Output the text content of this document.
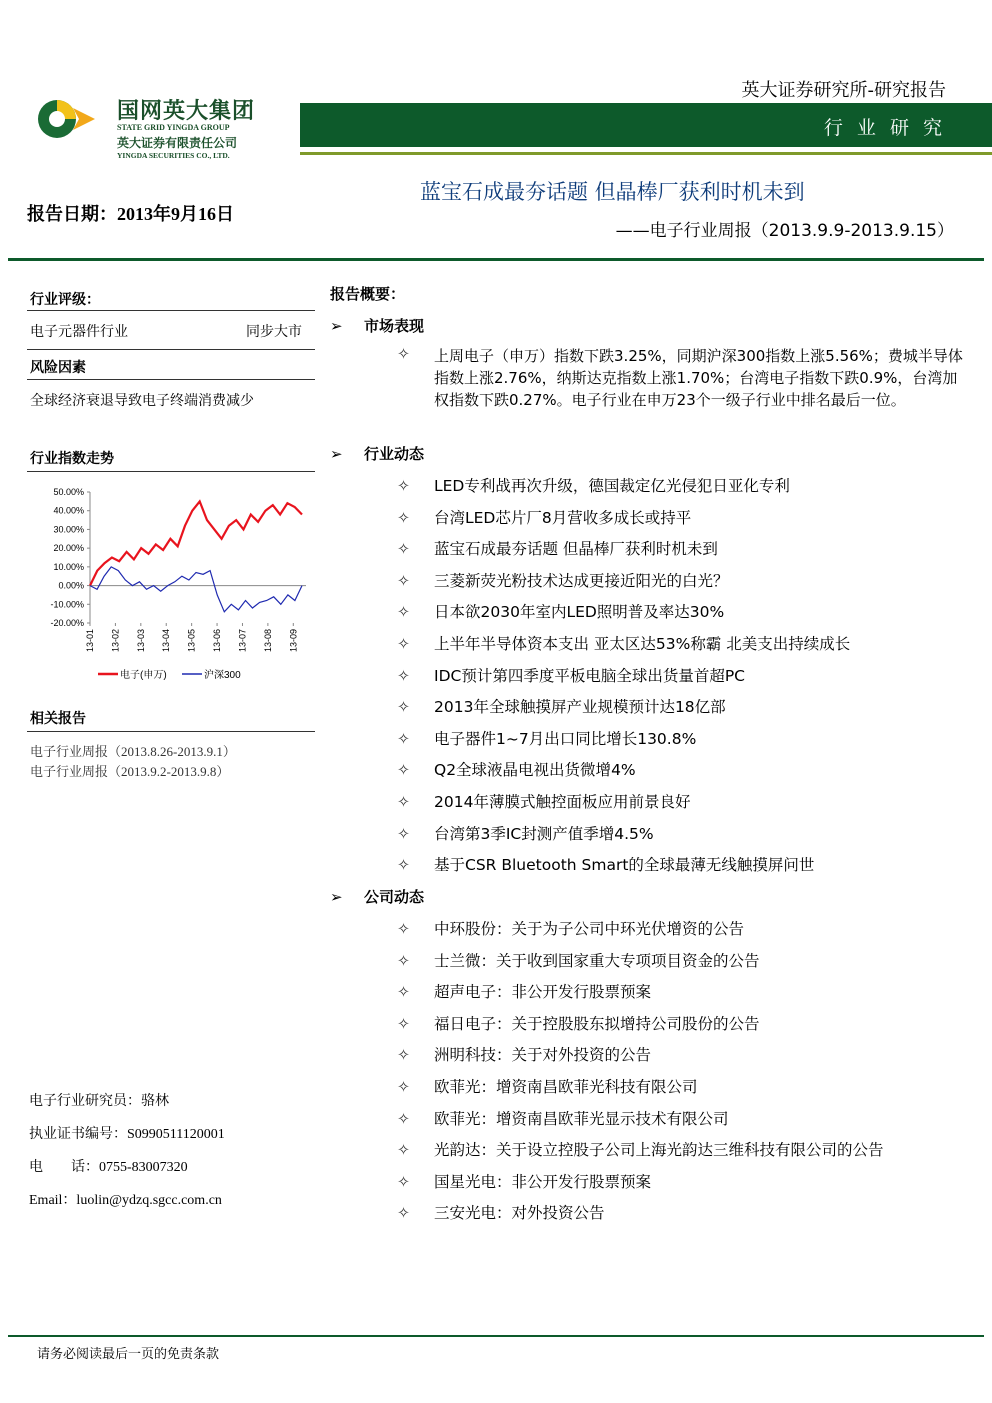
国网英大集团
STATE GRID YINGDA GROUP
英大证券有限责任公司
YINGDA SECURITIES CO., LTD.
英大证券研究所-研究报告
行 业 研 究
报告日期：2013年9月16日
蓝宝石成最夯话题 但晶棒厂获利时机未到
——电子行业周报（2013.9.9-2013.9.15）
行业评级：
电子元器件行业	同步大市
风险因素
全球经济衰退导致电子终端消费减少
行业指数走势
50.00%
40.00%
30.00%
20.00%
10.00%
0.00%
-10.00%
-20.00%
13-01 13-02 13-03 13-04 13-05 13-06 13-07 13-08 13-09
电子(申万)	沪深300
相关报告
电子行业周报（2013.8.26-2013.9.1）
电子行业周报（2013.9.2-2013.9.8）
电子行业研究员：骆林
执业证书编号：S0990511120001
电　　话：0755-83007320
Email：luolin@ydzq.sgcc.com.cn
报告概要：
➢ 市场表现
✧ 上周电子（申万）指数下跌3.25%，同期沪深300指数上涨5.56%；费城半导体指数上涨2.76%，纳斯达克指数上涨1.70%；台湾电子指数下跌0.9%，台湾加权指数下跌0.27%。电子行业在申万23个一级子行业中排名最后一位。
➢ 行业动态
✧ LED专利战再次升级，德国裁定亿光侵犯日亚化专利
✧ 台湾LED芯片厂8月营收多成长或持平
✧ 蓝宝石成最夯话题 但晶棒厂获利时机未到
✧ 三菱新荧光粉技术达成更接近阳光的白光？
✧ 日本欲2030年室内LED照明普及率达30%
✧ 上半年半导体资本支出 亚太区达53%称霸 北美支出持续成长
✧ IDC预计第四季度平板电脑全球出货量首超PC
✧ 2013年全球触摸屏产业规模预计达18亿部
✧ 电子器件1~7月出口同比增长130.8%
✧ Q2全球液晶电视出货微增4%
✧ 2014年薄膜式触控面板应用前景良好
✧ 台湾第3季IC封测产值季增4.5%
✧ 基于CSR Bluetooth Smart的全球最薄无线触摸屏问世
➢ 公司动态
✧ 中环股份：关于为子公司中环光伏增资的公告
✧ 士兰微：关于收到国家重大专项项目资金的公告
✧ 超声电子：非公开发行股票预案
✧ 福日电子：关于控股股东拟增持公司股份的公告
✧ 洲明科技：关于对外投资的公告
✧ 欧菲光：增资南昌欧菲光科技有限公司
✧ 欧菲光：增资南昌欧菲光显示技术有限公司
✧ 光韵达：关于设立控股子公司上海光韵达三维科技有限公司的公告
✧ 国星光电：非公开发行股票预案
✧ 三安光电：对外投资公告
请务必阅读最后一页的免责条款
